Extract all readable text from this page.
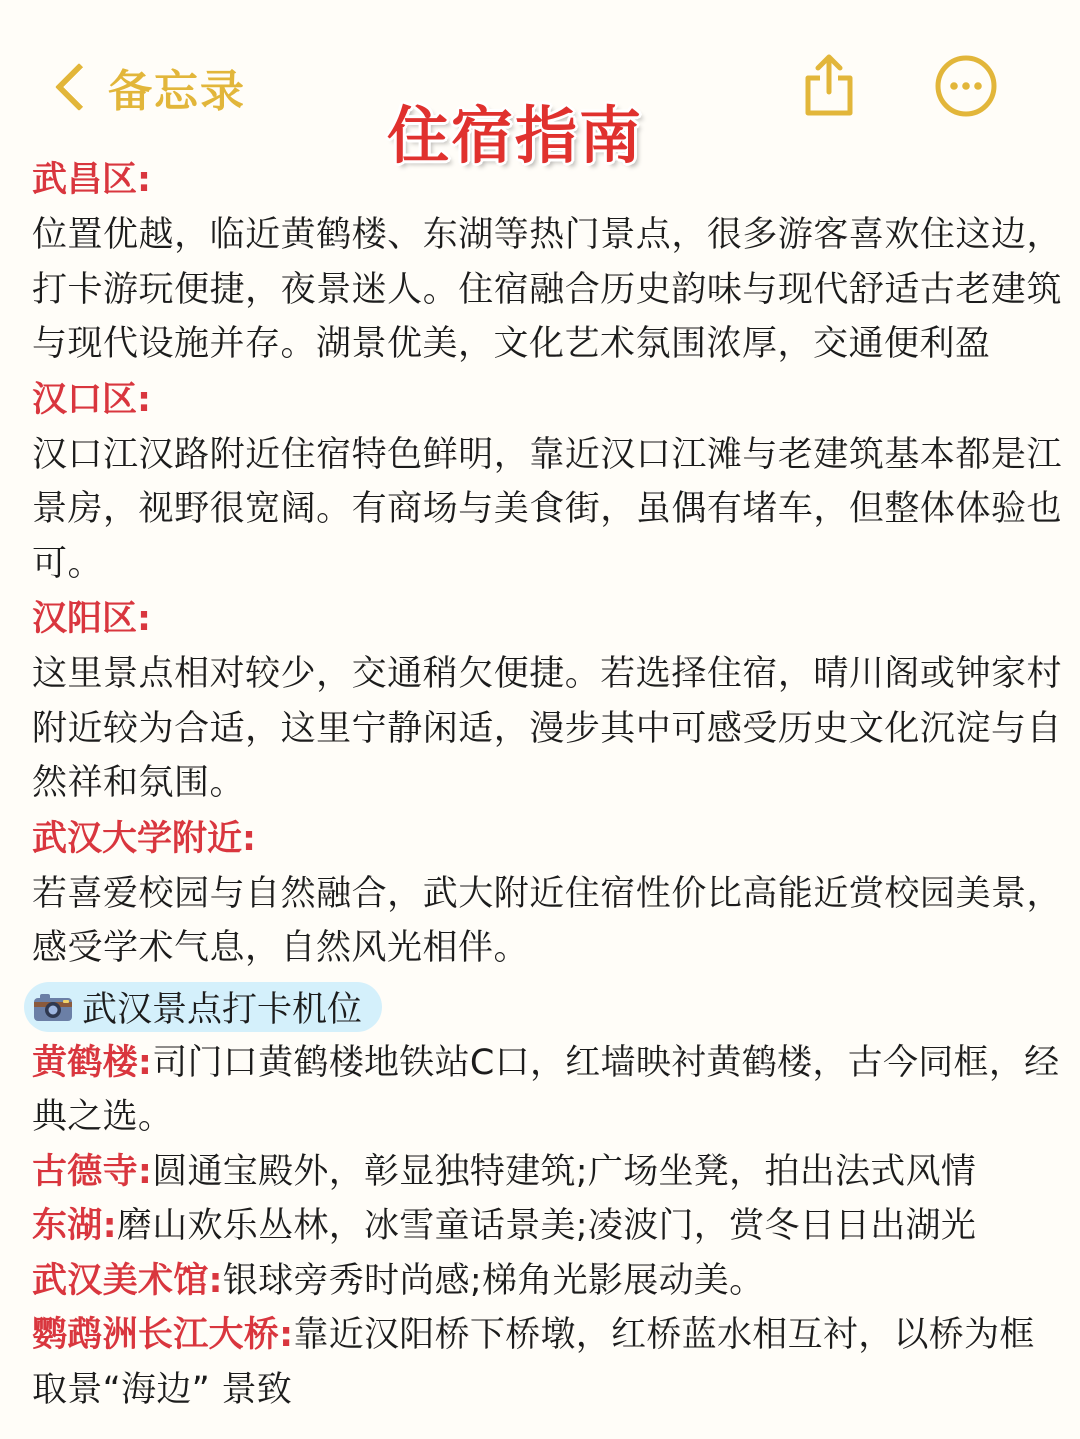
备忘录
住宿指南
武昌区:
位置优越，临近黄鹤楼、东湖等热门景点，很多游客喜欢住这边，打卡游玩便捷，夜景迷人。住宿融合历史韵味与现代舒适古老建筑与现代设施并存。湖景优美，文化艺术氛围浓厚，交通便利盈
汉口区:
汉口江汉路附近住宿特色鲜明，靠近汉口江滩与老建筑基本都是江景房，视野很宽阔。有商场与美食街，虽偶有堵车，但整体体验也可。
汉阳区:
这里景点相对较少，交通稍欠便捷。若选择住宿，晴川阁或钟家村附近较为合适，这里宁静闲适，漫步其中可感受历史文化沉淀与自然祥和氛围。
武汉大学附近:
若喜爱校园与自然融合，武大附近住宿性价比高能近赏校园美景，感受学术气息，自然风光相伴。
武汉景点打卡机位
黄鹤楼:司门口黄鹤楼地铁站C口，红墙映衬黄鹤楼，古今同框，经典之选。
古德寺:圆通宝殿外，彰显独特建筑;广场坐凳，拍出法式风情
东湖:磨山欢乐丛林，冰雪童话景美;凌波门，赏冬日日出湖光
武汉美术馆:银球旁秀时尚感;梯角光影展动美。
鹦鹉洲长江大桥:靠近汉阳桥下桥墩，红桥蓝水相互衬，以桥为框取景“海边” 景致
